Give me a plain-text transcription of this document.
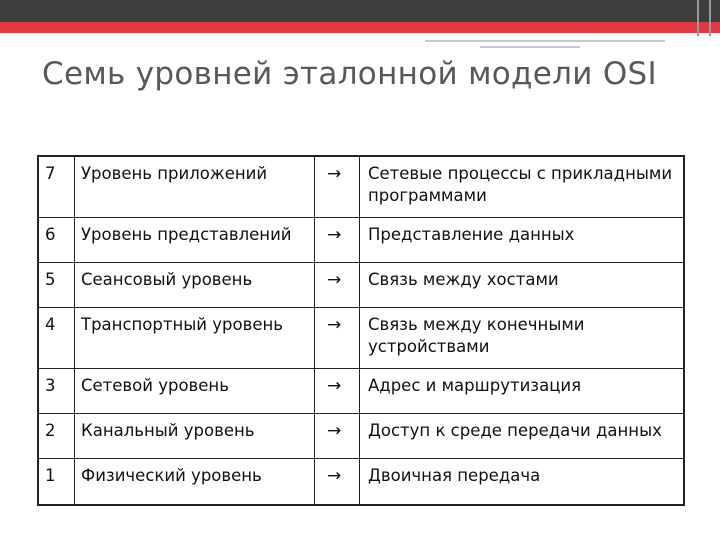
Семь уровней эталонной модели OSI
7	Уровень приложений	→	Сетевые процессы с прикладными программами
6	Уровень представлений	→	Представление данных
5	Сеансовый уровень	→	Связь между хостами
4	Транспортный уровень	→	Связь между конечными устройствами
3	Сетевой уровень	→	Адрес и маршрутизация
2	Канальный уровень	→	Доступ к среде передачи данных
1	Физический уровень	→	Двоичная передача
